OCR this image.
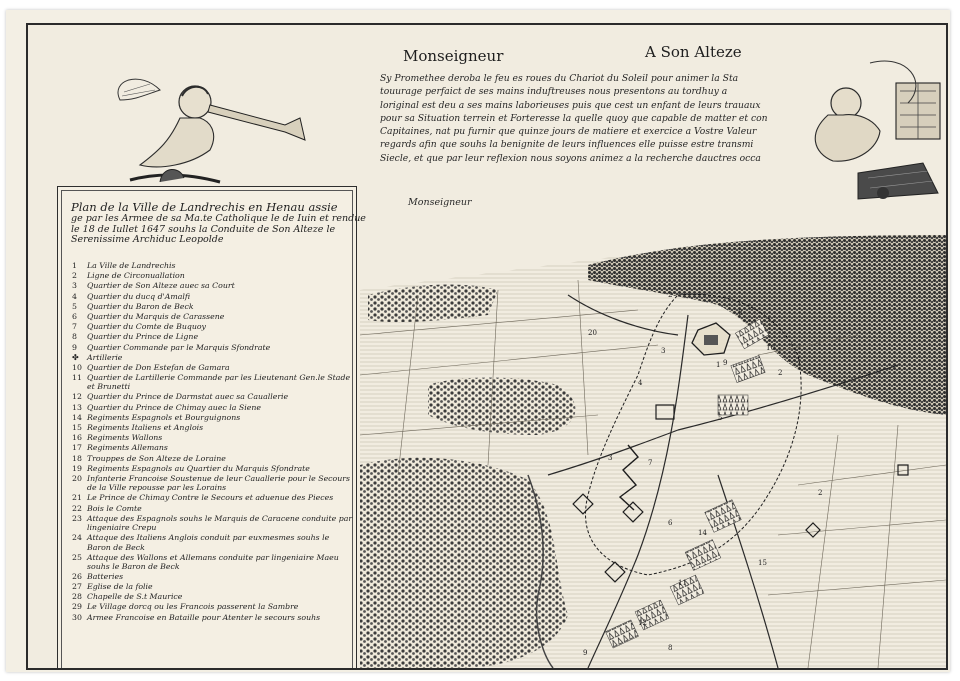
Monseigneur	A Son Alteze
Sy Promethee deroba le feu es roues du Chariot du Soleil pour animer la Sta
touurage perfaict de ses mains induftreuses nous presentons au tordhuy a
loriginal est deu a ses mains laborieuses puis que cest un enfant de leurs trauaux
pour sa Situation terrein et Forteresse la quelle quoy que capable de matter et con
Capitaines, nat pu furnir que quinze jours de matiere et exercice a Vostre Valeur
regards afin que souhs la benignite de leurs influences elle puisse estre transmi
Siecle, et que par leur reflexion nous soyons animez a la recherche dauctres occa
Monseigneur
Plan de la Ville de Landrechis en Henau assie
ge par les Armee de sa Ma.te Catholique le de Iuin et rendue
le 18 de Iullet 1647 souhs la Conduite de Son Alteze le
Serenissime Archiduc Leopolde
1	La Ville de Landrechis
2	Ligne de Circonuallation
3	Quartier de Son Alteze auec sa Court
4	Quartier du ducq d'Amalfi
5	Quartier du Baron de Beck
6	Quartier du Marquis de Carassene
7	Quartier du Comte de Buquoy
8	Quartier du Prince de Ligne
9	Quartier Commande par le Marquis Sfondrate
✤	Artillerie
10 Quartier de Don Estefan de Gamara
11 Quartier de Lartillerie Commande par les Lieutenant Gen.le Stade et Brunetti
12 Quartier du Prince de Darmstat auec sa Cauallerie
13 Quartier du Prince de Chimay auec la Siene
14 Regiments Espagnols et Bourguignons
15 Regiments Italiens et Anglois
16 Regiments Wallons
17 Regiments Allemans
18 Trouppes de Son Alteze de Loraine
19 Regiments Espagnols au Quartier du Marquis Sfondrate
20 Infanterie Francoise Soustenue de leur Cauallerie pour le Secours de la Ville repousse par les Lorains
21 Le Prince de Chimay Contre le Secours et aduenue des Pieces
22 Bois le Comte
23 Attaque des Espagnols souhs le Marquis de Caracene conduite par lingeniaire Crepu
24 Attaque des Italiens Anglois conduit par euxmesmes souhs le Baron de Beck
25 Attaque des Wallons et Allemans conduite par lingeniaire Maeu souhs le Baron de Beck
26 Batteries
27 Eglise de la folie
28 Chapelle de S.t Maurice
29 Le Village dorcq ou les Francois passerent la Sambre
30 Armee Francoise en Bataille pour Atenter le secours souhs
2
20
8
1 9
10
4
3
2
7
5
14
11
12
15
2
6
3
8
9
